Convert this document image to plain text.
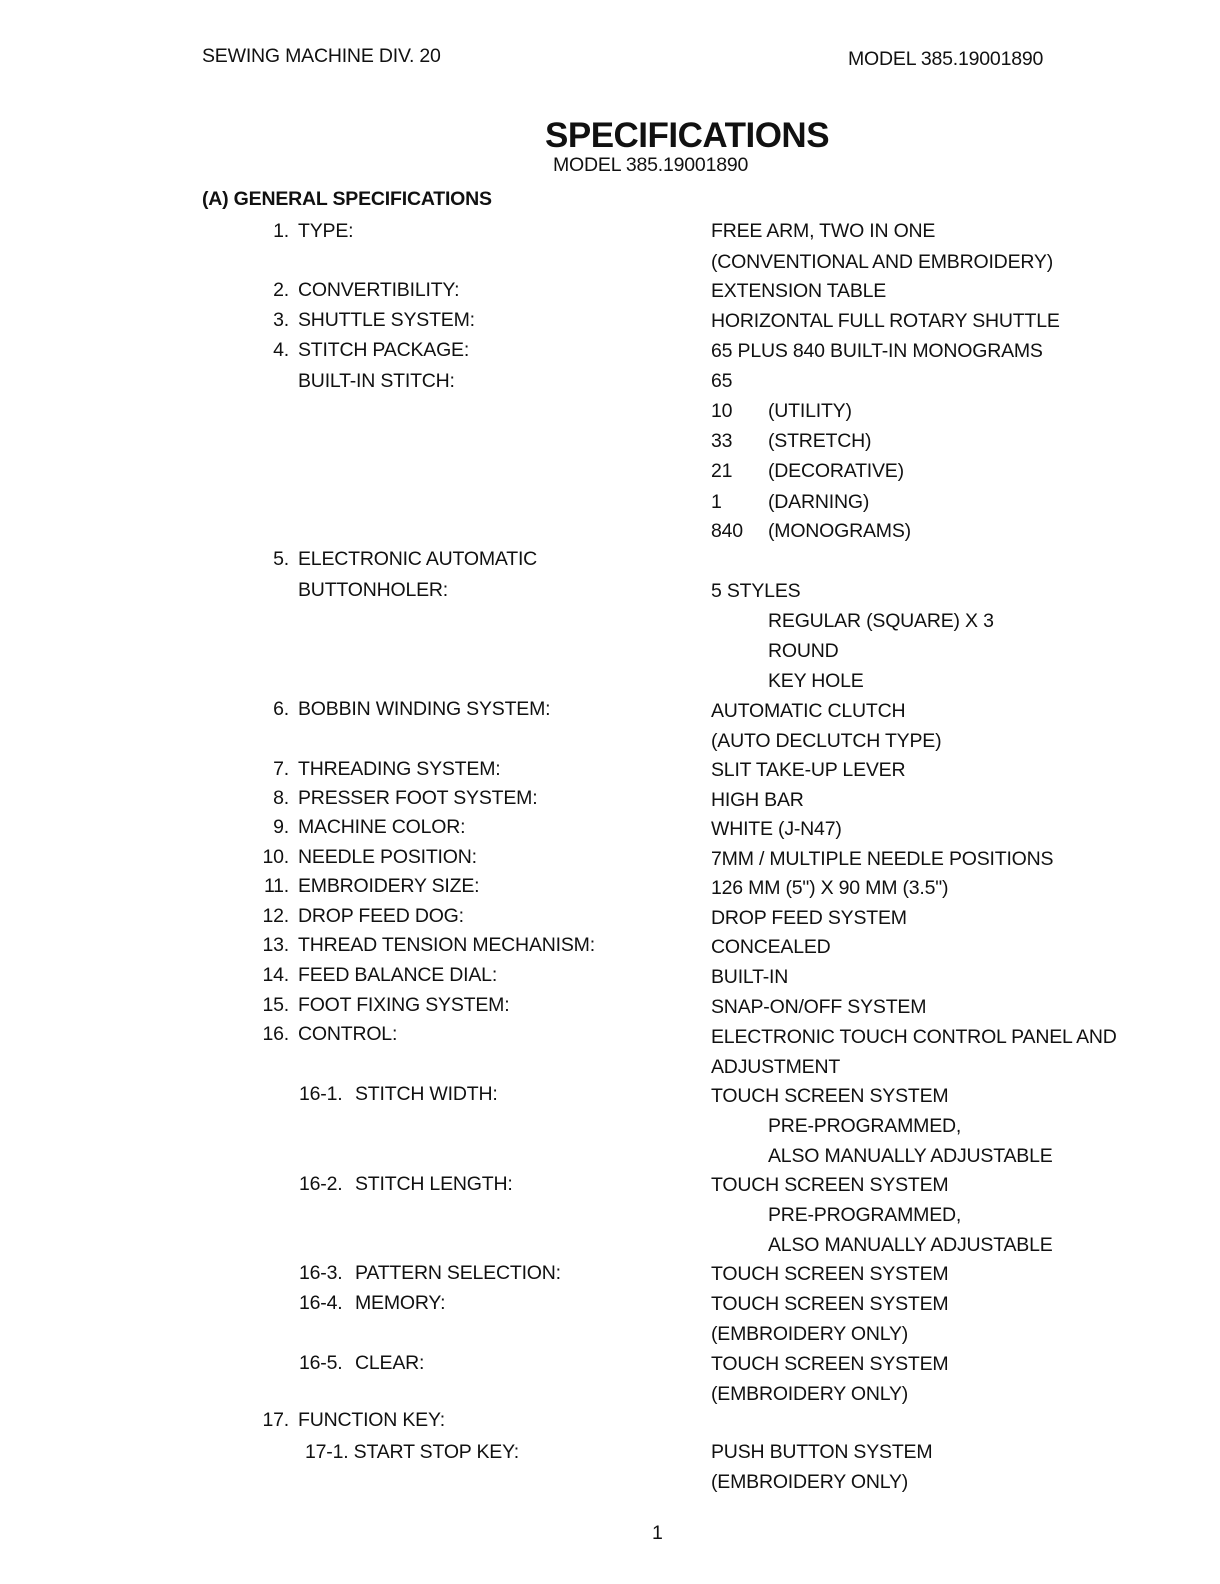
SEWING MACHINE DIV. 20	MODEL 385.19001890
SPECIFICATIONS
MODEL 385.19001890
(A) GENERAL SPECIFICATIONS
1.
2.
3.
4.
5.
6.
7.
8.
9.
10.
11.
12.
13.
14.
15.
16.
17.
TYPE:
CONVERTIBILITY:
SHUTTLE SYSTEM:
STITCH PACKAGE:
BUILT-IN STITCH:
ELECTRONIC AUTOMATIC
BUTTONHOLER:
BOBBIN WINDING SYSTEM:
THREADING SYSTEM:
PRESSER FOOT SYSTEM:
MACHINE COLOR:
NEEDLE POSITION:
EMBROIDERY SIZE:
DROP FEED DOG:
THREAD TENSION MECHANISM:
FEED BALANCE DIAL:
FOOT FIXING SYSTEM:
CONTROL:
16-1. STITCH WIDTH:
16-2. STITCH LENGTH:
16-3. PATTERN SELECTION:
16-4. MEMORY:
16-5. CLEAR:
FUNCTION KEY:
17-1. START STOP KEY:
FREE ARM, TWO IN ONE
(CONVENTIONAL AND EMBROIDERY)
EXTENSION TABLE
HORIZONTAL FULL ROTARY SHUTTLE
65 PLUS 840 BUILT-IN MONOGRAMS
65
10 (UTILITY)
33 (STRETCH)
21 (DECORATIVE)
1 (DARNING)
840 (MONOGRAMS)
5 STYLES
REGULAR (SQUARE) X 3
ROUND
KEY HOLE
AUTOMATIC CLUTCH
(AUTO DECLUTCH TYPE)
SLIT TAKE-UP LEVER
HIGH BAR
WHITE (J-N47)
7MM / MULTIPLE NEEDLE POSITIONS
126 MM (5") X 90 MM (3.5")
DROP FEED SYSTEM
CONCEALED
BUILT-IN
SNAP-ON/OFF SYSTEM
ELECTRONIC TOUCH CONTROL PANEL AND
ADJUSTMENT
TOUCH SCREEN SYSTEM
PRE-PROGRAMMED,
ALSO MANUALLY ADJUSTABLE
TOUCH SCREEN SYSTEM
PRE-PROGRAMMED,
ALSO MANUALLY ADJUSTABLE
TOUCH SCREEN SYSTEM
TOUCH SCREEN SYSTEM
(EMBROIDERY ONLY)
TOUCH SCREEN SYSTEM
(EMBROIDERY ONLY)
PUSH BUTTON SYSTEM
(EMBROIDERY ONLY)
1
